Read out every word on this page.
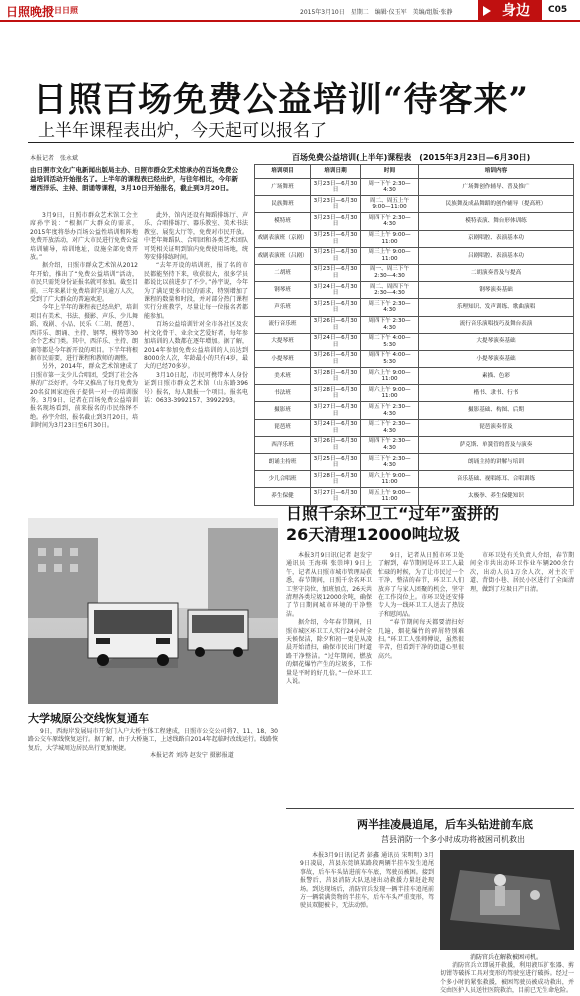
日照晚报
今日日照	2015年3月10日　星期二　编辑·仪玉军　美编/组版·张静	身边	C05
日照百场免费公益培训“待客来”
上半年课程表出炉，今天起可以报名了
本报记者　张永斌
由日照市文化广电新闻出版局主办、日照市群众艺术馆承办的百场免费公益培训活动开始报名了。上半年的课程表已经出炉，与往年相比，今年新增西洋乐、主持、朗诵等课程，3月10日开始报名，截止到3月20日。

3月9日，日照市群众艺术馆工会主席孙宇说：“根据广大群众的需求，2015年度将举办百场公益性培训和阵地免费开放活动，对广大市民进行免费公益培训辅导，培训地址，设施全部免费开放。”

据介绍，日照市群众艺术馆从2012年开始，推出了“免费公益培训”活动，市民只需凭身份证报名就可参加。截至目前，三年来累计免费培训学员逾万人次，受到了广大群众的普遍欢迎。

今年上半年的课程表已经出炉，培训项目有美术、书法、摄影、声乐、少儿舞蹈、戏剧、小品、民乐（二胡、琵琶）、西洋乐、朗诵、主持、钢琴、模特等30余个艺术门类。其中，西洋乐、主持、朗诵等都是今年新开设的项目。下半年将根据市民需要，进行课程和教师的调整。

另外，2014年，群众艺术馆建成了日照市第一支少儿合唱团，受到了社会各界的广泛好评。今年又推出了每月免费为20名贫困家庭孩子提供一对一的培训服务。3月9日，记者在百场免费公益培训报名现场看到，前来报名的市民络绎不绝。孙宇介绍，报名截止到3月20日，培训时间为3月23日至6月30日。

此外，馆内还设有舞蹈排练厅、声乐、合唱排练厅、器乐教室、美术书法教室、展览大厅等，免费对市民开放。中老年舞蹈队、合唱团和各类艺术团队可凭相关证明到馆内免费使用场地，统筹安排排练时间。

“去年开设的培训班，报了名的市民都能坚持下来，收获很大，很多学员都说比以前进步了不少。”孙宇说，今年为了满足更多市民的需求，特别增加了课程的数量和时段，并对部分热门课程实行分班教学，尽量让每一位报名者都能参加。

百场公益培训针对全市各社区及农村文化骨干、业余文艺爱好者，每年参加培训的人数都在逐年增加。据了解，2014年参加免费公益培训的人员达到8000余人次，年龄最小的只有4岁，最大的已经70多岁。

3月10日起，市民可携带本人身份证到日照市群众艺术馆（山东路396号）报名，每人限报一个项目。报名电话：0633-3992157、3992293。

百场免费公益培训(上半年)课程表　(2015年3月23日—6月30日)
培训项目	培训日期	时间	培训内容
广场舞班	3月23日—6月30日	周一下午 2:30—4:30	广场舞创作辅导、普及推广
民族舞班	3月23日—6月30日	周二、周五上午 9:00—11:00	民族舞及成品舞蹈的创作辅导（提高班）
模特班	3月23日—6月30日	周四下午 2:30—4:30	模特表演、舞台形体训练
戏剧表演班（京剧）	3月25日—6月30日	周三上午 9:00—11:00	京剧唱腔、表演基本功
戏剧表演班（吕剧）	3月25日—6月30日	周三上午 9:00—11:00	吕剧唱腔、表演基本功
二胡班	3月23日—6月30日	周一、周三下午 2:30—4:30	二胡演奏普及与提高
钢琴班	3月24日—6月30日	周二、周四下午 2:30—4:30	钢琴演奏基础
声乐班	3月25日—6月30日	周三下午 2:30—4:30	乐理知识、发声训练、歌曲演唱
流行音乐班	3月26日—6月30日	周四下午 2:30—4:30	流行音乐演唱技巧及舞台表演
大提琴班	3月24日—6月30日	周二下午 4:00—5:30	大提琴演奏基础
小提琴班	3月26日—6月30日	周四下午 4:00—5:30	小提琴演奏基础
美术班	3月28日—6月30日	周六上午 9:00—11:00	素描、色彩
书法班	3月28日—6月30日	周六上午 9:00—11:00	楷书、隶书、行书
摄影班	3月27日—6月30日	周五下午 2:30—4:30	摄影基础、构图、后期
琵琶班	3月24日—6月30日	周二下午 2:30—4:30	琵琶演奏普及
西洋乐班	3月26日—6月30日	周四下午 2:30—4:30	萨克斯、单簧管的普及与演奏
朗诵主持班	3月25日—6月30日	周三下午 2:30—4:30	朗诵主持的讲解与培训
少儿合唱班	3月28日—6月30日	周六上午 9:00—11:00	音乐基础、视唱练耳、合唱训练
养生保健	3月27日—6月30日	周五上午 9:00—11:00	太极拳、养生保健知识
日照千余环卫工“过年”蛮拼的
26天清理12000吨垃圾

本报3月9日讯(记者 赵发宁 通讯员 王海琪 张崇坤) 9日上午，记者从日照市城市管理局获悉，春节期间，日照千余名环卫工坚守岗位，加班加点，26天共清理各类垃圾12000余吨，确保了节日期间城市环境的干净整洁。

据介绍，今年春节期间，日照市城区环卫工人实行24小时全天候保洁，除夕和初一更是从凌晨开始清扫，确保市民出门时道路干净整洁。“过年期间，燃放的烟花爆竹产生的垃圾多，工作量是平时的好几倍。”一位环卫工人说。

9日，记者从日照市环卫处了解到，春节期间是环卫工人最忙碌的时候，为了让市民过一个干净、整洁的春节，环卫工人们放弃了与家人团聚的机会，坚守在工作岗位上。市环卫处还安排专人为一线环卫工人送去了热饺子和慰问品。

“春节期间每天都要清扫好几遍，烟花爆竹的碎屑特别难扫。”环卫工人张师傅说，虽然很辛苦，但看到干净的街道心里很高兴。

市环卫处有关负责人介绍，春节期间全市共出动环卫作业车辆200余台次，出动人员1万余人次，对主次干道、背街小巷、居民小区进行了全面清理，做到了垃圾日产日清。

大学城原公交线恢复通车

9日，西海岸发展局市开发门入户大桥主体工程建成，日照市公交公司将7、11、18、30路公交车原线恢复运行。据了解，由于大桥施工，上述线路自2014年起临时改线运行。线路恢复后，大学城周边居民出行更加便捷。

本报记者 刘涛 赵发宁 摄影报道
两半挂凌晨追尾，后车头钻进前车底
莒县消防一个多小时成功将被困司机救出

本报3月9日讯(记者 彭鑫 通讯员 宋明明) 3月9日凌晨，莒县东莞镇某路段两辆半挂车发生追尾事故，后车车头钻进前车车底，驾驶员被困。接到报警后，莒县消防大队迅速出动救援力量赶赴现场。到达现场后，消防官兵发现一辆半挂车追尾前方一辆装满货物的半挂车，后车车头严重变形，驾驶员双腿被卡，无法动弹。

消防官兵在解救被困司机。

消防官兵立即展开救援，利用液压扩张器、剪切钳等破拆工具对变形的驾驶室进行破拆。经过一个多小时的紧张救援，被困驾驶员被成功救出，并交由医护人员送往医院救治，目前已无生命危险。
